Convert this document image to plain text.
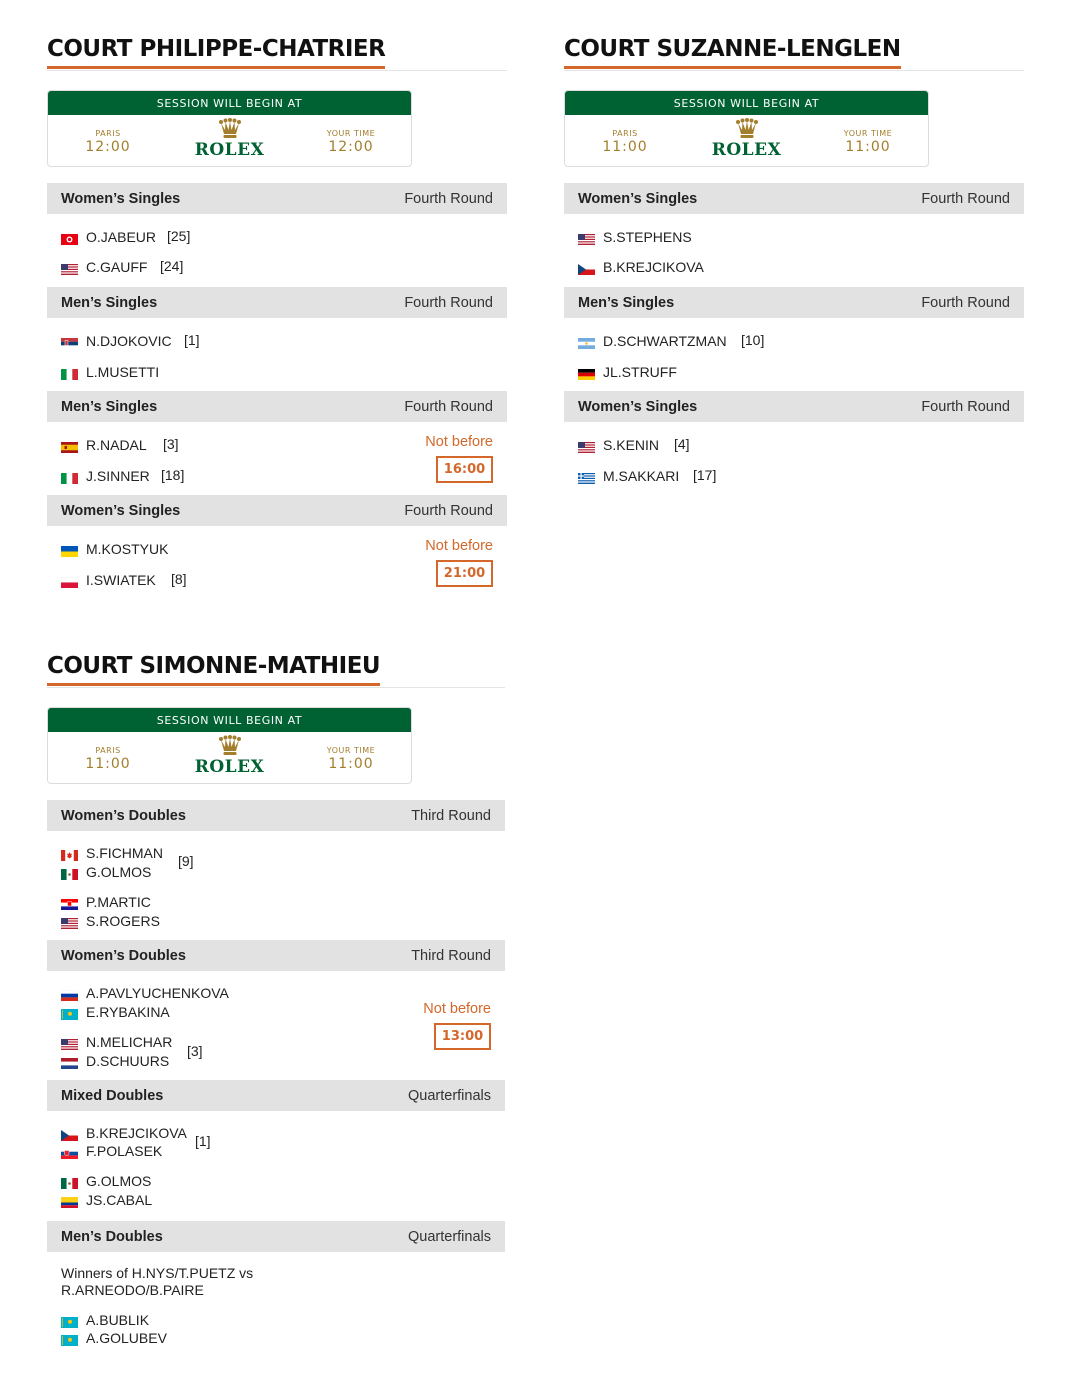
COURT PHILIPPE-CHATRIER
SESSION WILL BEGIN AT
PARIS
12:00	ROLEX
YOUR TIME
12:00
Women’s Singles	Fourth Round
O.JABEUR [25]
C.GAUFF [24]
Men’s Singles	Fourth Round
N.DJOKOVIC [1]
L.MUSETTI
Men’s Singles	Fourth Round
R.NADAL [3]
J.SINNER [18]
Not before
16:00
Women’s Singles	Fourth Round
M.KOSTYUK
I.SWIATEK [8]
Not before
21:00
COURT SUZANNE-LENGLEN
SESSION WILL BEGIN AT
PARIS
11:00	ROLEX
YOUR TIME
11:00
Women’s Singles	Fourth Round
S.STEPHENS
B.KREJCIKOVA
Men’s Singles	Fourth Round
D.SCHWARTZMAN [10]
JL.STRUFF
Women’s Singles	Fourth Round
S.KENIN [4]
M.SAKKARI [17]
COURT SIMONNE-MATHIEU
SESSION WILL BEGIN AT
PARIS
11:00	ROLEX
YOUR TIME
11:00
Women’s Doubles	Third Round
S.FICHMAN
G.OLMOS
[9]
P.MARTIC
S.ROGERS
Women’s Doubles	Third Round
A.PAVLYUCHENKOVA
E.RYBAKINA
N.MELICHAR
D.SCHUURS
[3]
Not before
13:00
Mixed Doubles	Quarterfinals
B.KREJCIKOVA
F.POLASEK
[1]
G.OLMOS
JS.CABAL
Men’s Doubles	Quarterfinals
Winners of H.NYS/T.PUETZ vs
R.ARNEODO/B.PAIRE
A.BUBLIK
A.GOLUBEV
